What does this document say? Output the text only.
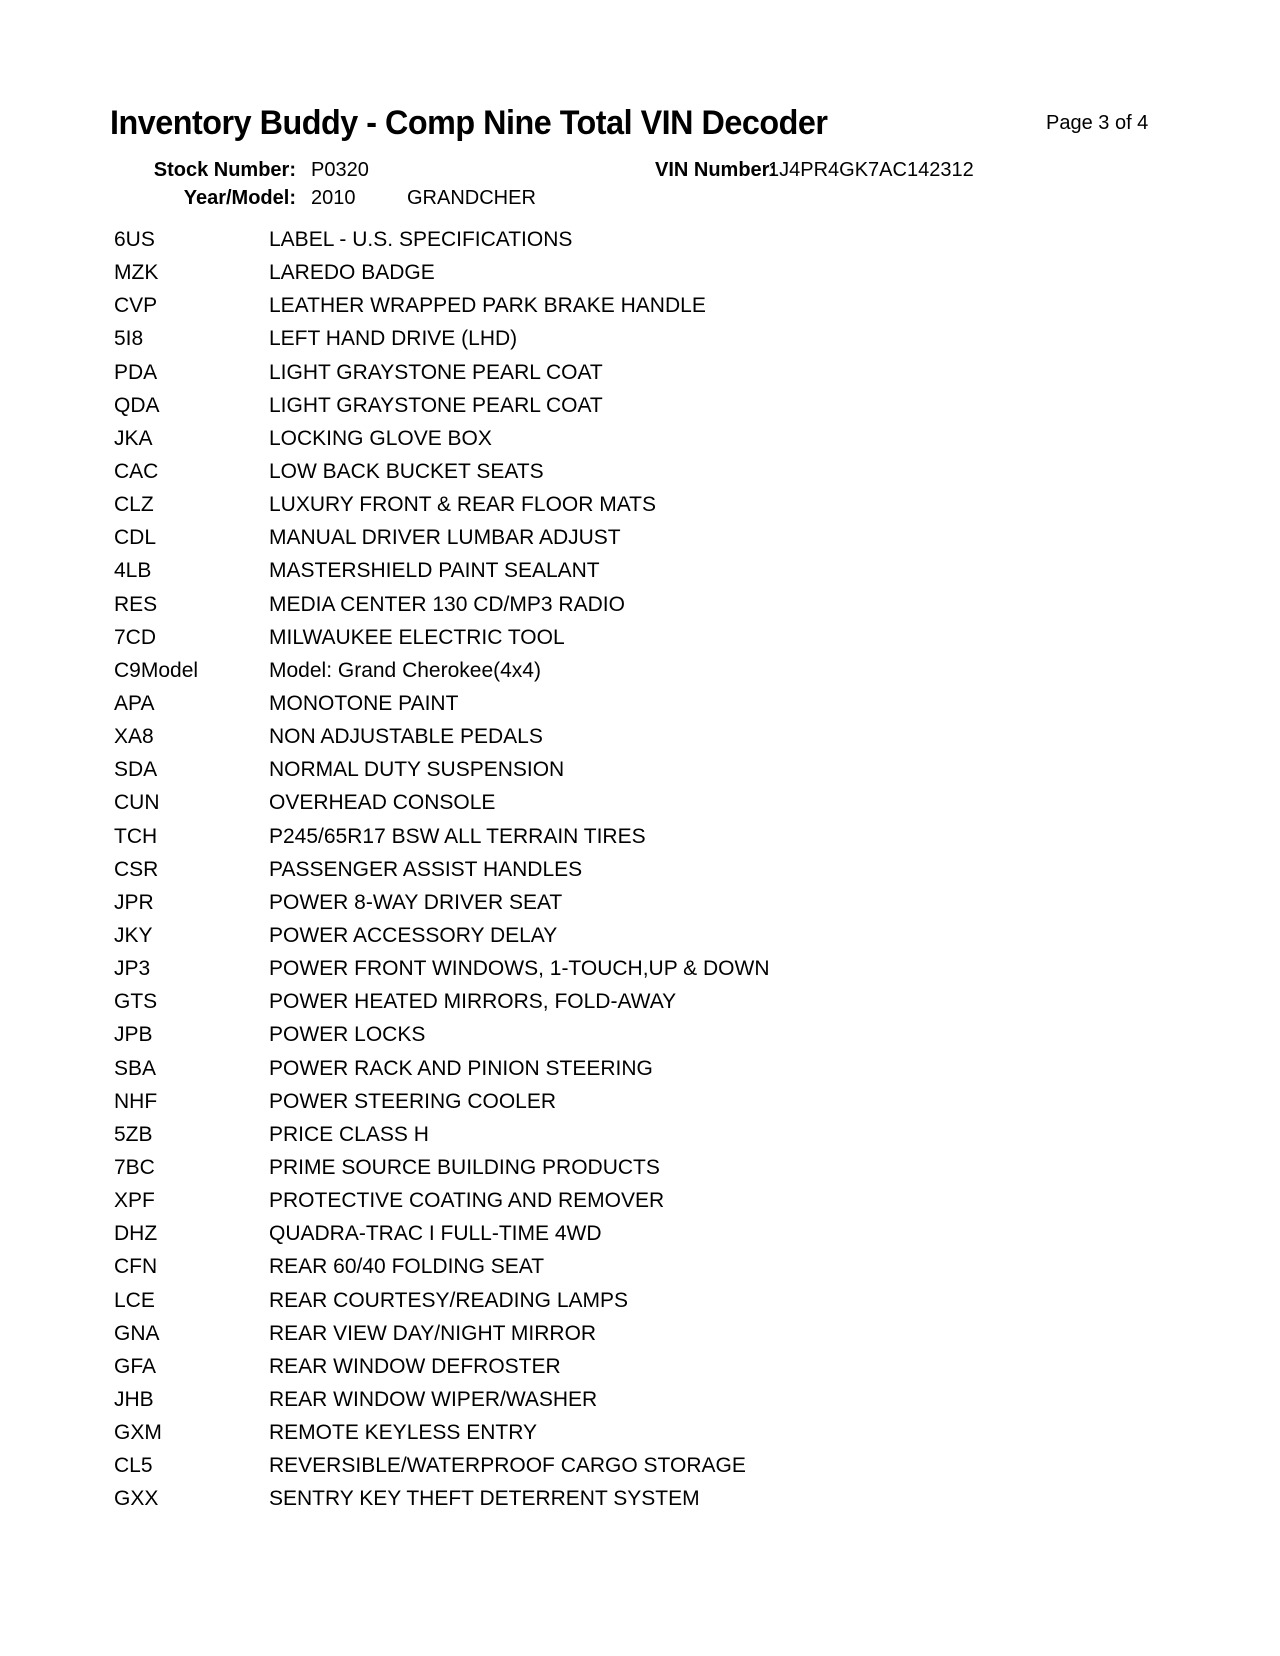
Inventory Buddy - Comp Nine Total VIN Decoder	Page 3 of 4
Stock Number: P0320	VIN Number:
1J4PR4GK7AC142312
Year/Model: 2010	GRANDCHER
6US	LABEL - U.S. SPECIFICATIONS
MZK	LAREDO BADGE
CVP	LEATHER WRAPPED PARK BRAKE HANDLE
5I8	LEFT HAND DRIVE (LHD)
PDA	LIGHT GRAYSTONE PEARL COAT
QDA	LIGHT GRAYSTONE PEARL COAT
JKA	LOCKING GLOVE BOX
CAC	LOW BACK BUCKET SEATS
CLZ	LUXURY FRONT & REAR FLOOR MATS
CDL	MANUAL DRIVER LUMBAR ADJUST
4LB	MASTERSHIELD PAINT SEALANT
RES	MEDIA CENTER 130 CD/MP3 RADIO
7CD	MILWAUKEE ELECTRIC TOOL
C9Model	Model: Grand Cherokee(4x4)
APA	MONOTONE PAINT
XA8	NON ADJUSTABLE PEDALS
SDA	NORMAL DUTY SUSPENSION
CUN	OVERHEAD CONSOLE
TCH	P245/65R17 BSW ALL TERRAIN TIRES
CSR	PASSENGER ASSIST HANDLES
JPR	POWER 8-WAY DRIVER SEAT
JKY	POWER ACCESSORY DELAY
JP3	POWER FRONT WINDOWS, 1-TOUCH,UP & DOWN
GTS	POWER HEATED MIRRORS, FOLD-AWAY
JPB	POWER LOCKS
SBA	POWER RACK AND PINION STEERING
NHF	POWER STEERING COOLER
5ZB	PRICE CLASS H
7BC	PRIME SOURCE BUILDING PRODUCTS
XPF	PROTECTIVE COATING AND REMOVER
DHZ	QUADRA-TRAC I FULL-TIME 4WD
CFN	REAR 60/40 FOLDING SEAT
LCE	REAR COURTESY/READING LAMPS
GNA	REAR VIEW DAY/NIGHT MIRROR
GFA	REAR WINDOW DEFROSTER
JHB	REAR WINDOW WIPER/WASHER
GXM	REMOTE KEYLESS ENTRY
CL5	REVERSIBLE/WATERPROOF CARGO STORAGE
GXX	SENTRY KEY THEFT DETERRENT SYSTEM
